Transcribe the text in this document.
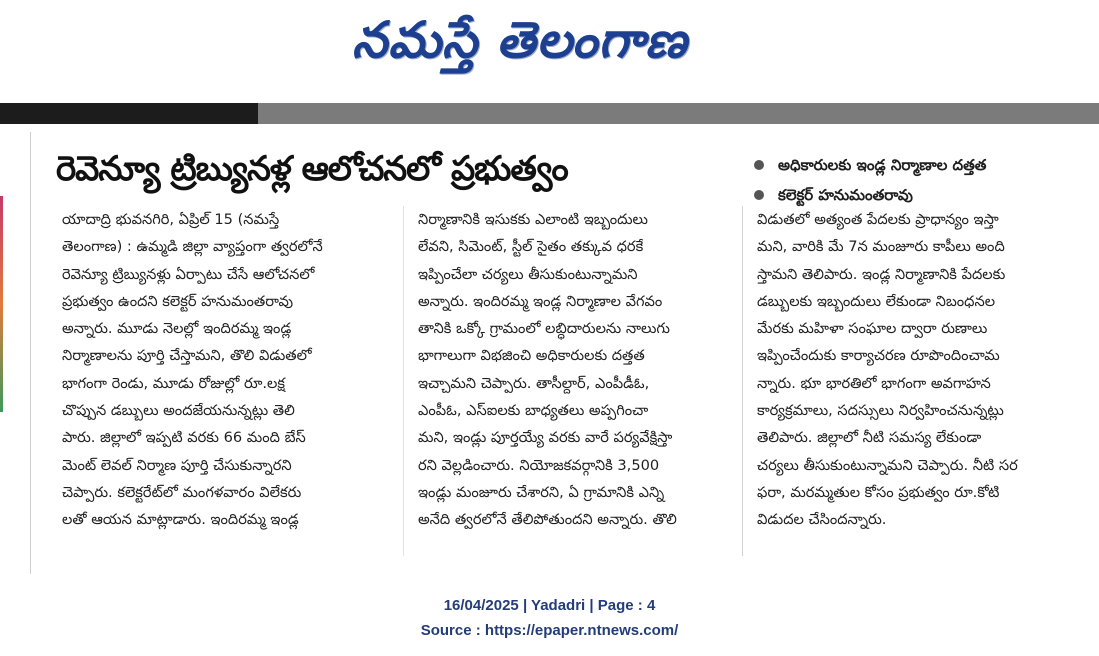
నమస్తే తెలంగాణ
రెవెన్యూ ట్రిబ్యునళ్ల ఆలోచనలో ప్రభుత్వం	అధికారులకు ఇండ్ల నిర్మాణాల దత్తత
కలెక్టర్ హనుమంతరావు
యాదాద్రి భువనగిరి, ఏప్రిల్ 15 (నమస్తే
తెలంగాణ) : ఉమ్మడి జిల్లా వ్యాప్తంగా త్వరలోనే
రెవెన్యూ ట్రిబ్యునళ్లు ఏర్పాటు చేసే ఆలోచనలో
ప్రభుత్వం ఉందని కలెక్టర్ హనుమంతరావు
అన్నారు. మూడు నెలల్లో ఇందిరమ్మ ఇండ్ల
నిర్మాణాలను పూర్తి చేస్తామని, తొలి విడుతలో
భాగంగా రెండు, మూడు రోజుల్లో రూ.లక్ష
చొప్పున డబ్బులు అందజేయనున్నట్లు తెలి
పారు. జిల్లాలో ఇప్పటి వరకు 66 మంది బేస్
మెంట్ లెవల్ నిర్మాణ పూర్తి చేసుకున్నారని
చెప్పారు. కలెక్టరేట్‌లో మంగళవారం విలేకరు
లతో ఆయన మాట్లాడారు. ఇందిరమ్మ ఇండ్ల
నిర్మాణానికి ఇసుకకు ఎలాంటి ఇబ్బందులు
లేవని, సిమెంట్, స్టీల్ సైతం తక్కువ ధరకే
ఇప్పించేలా చర్యలు తీసుకుంటున్నామని
అన్నారు. ఇందిరమ్మ ఇండ్ల నిర్మాణాల వేగవం
తానికి ఒక్కో గ్రామంలో లబ్ధిదారులను నాలుగు
భాగాలుగా విభజించి అధికారులకు దత్తత
ఇచ్చామని చెప్పారు. తాసీల్దార్, ఎంపీడీఓ,
ఎంపీఓ, ఎస్ఐలకు బాధ్యతలు అప్పగించా
మని, ఇండ్లు పూర్తయ్యే వరకు వారే పర్యవేక్షిస్తా
రని వెల్లడించారు. నియోజకవర్గానికి 3,500
ఇండ్లు మంజూరు చేశారని, ఏ గ్రామానికి ఎన్ని
అనేది త్వరలోనే తేలిపోతుందని అన్నారు. తొలి
విడుతలో అత్యంత పేదలకు ప్రాధాన్యం ఇస్తా
మని, వారికి మే 7న మంజూరు కాపీలు అంది
స్తామని తెలిపారు. ఇండ్ల నిర్మాణానికి పేదలకు
డబ్బులకు ఇబ్బందులు లేకుండా నిబంధనల
మేరకు మహిళా సంఘాల ద్వారా రుణాలు
ఇప్పించేందుకు కార్యాచరణ రూపొందించామ
న్నారు. భూ భారతిలో భాగంగా అవగాహన
కార్యక్రమాలు, సదస్సులు నిర్వహించనున్నట్లు
తెలిపారు. జిల్లాలో నీటి సమస్య లేకుండా
చర్యలు తీసుకుంటున్నామని చెప్పారు. నీటి సర
ఫరా, మరమ్మతుల కోసం ప్రభుత్వం రూ.కోటి
విడుదల చేసిందన్నారు.
16/04/2025 | Yadadri | Page : 4
Source : https://epaper.ntnews.com/
